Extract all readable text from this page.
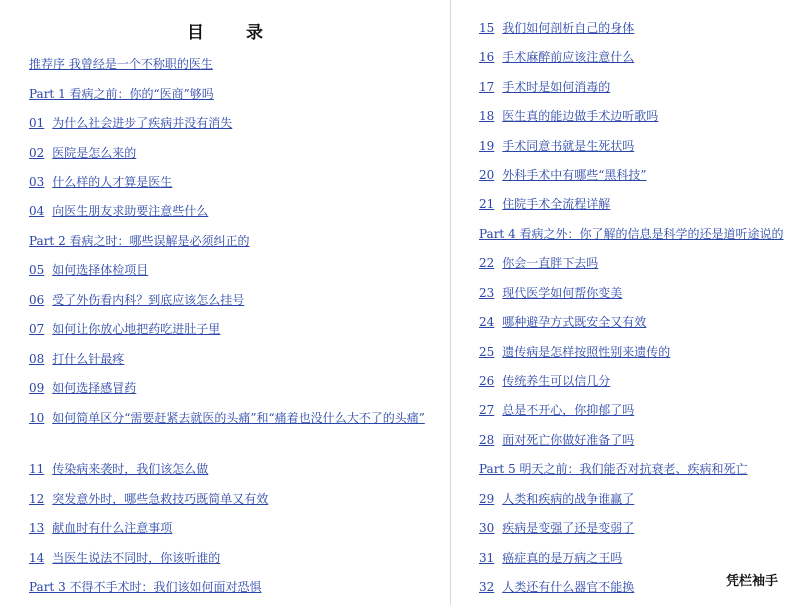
目 录
推荐序 我曾经是一个不称职的医生
Part 1 看病之前：你的“医商”够吗
01 为什么社会进步了疾病并没有消失
02 医院是怎么来的
03 什么样的人才算是医生
04 向医生朋友求助要注意些什么
Part 2 看病之时：哪些误解是必须纠正的
05 如何选择体检项目
06 受了外伤看内科？到底应该怎么挂号
07 如何让你放心地把药吃进肚子里
08 打什么针最疼
09 如何选择感冒药
10 如何简单区分“需要赶紧去就医的头痛”和“痛着也没什么大不了的头痛”
11 传染病来袭时，我们该怎么做
12 突发意外时，哪些急救技巧既简单又有效
13 献血时有什么注意事项
14 当医生说法不同时，你该听谁的
Part 3 不得不手术时：我们该如何面对恐惧
15 我们如何剖析自己的身体
16 手术麻醉前应该注意什么
17 手术时是如何消毒的
18 医生真的能边做手术边听歌吗
19 手术同意书就是生死状吗
20 外科手术中有哪些“黑科技”
21 住院手术全流程详解
Part 4 看病之外：你了解的信息是科学的还是道听途说的
22 你会一直胖下去吗
23 现代医学如何帮你变美
24 哪种避孕方式既安全又有效
25 遗传病是怎样按照性别来遗传的
26 传统养生可以信几分
27 总是不开心，你抑郁了吗
28 面对死亡你做好准备了吗
Part 5 明天之前：我们能否对抗衰老、疾病和死亡
29 人类和疾病的战争谁赢了
30 疾病是变强了还是变弱了
31 癌症真的是万病之王吗
32 人类还有什么器官不能换	凭栏袖手
